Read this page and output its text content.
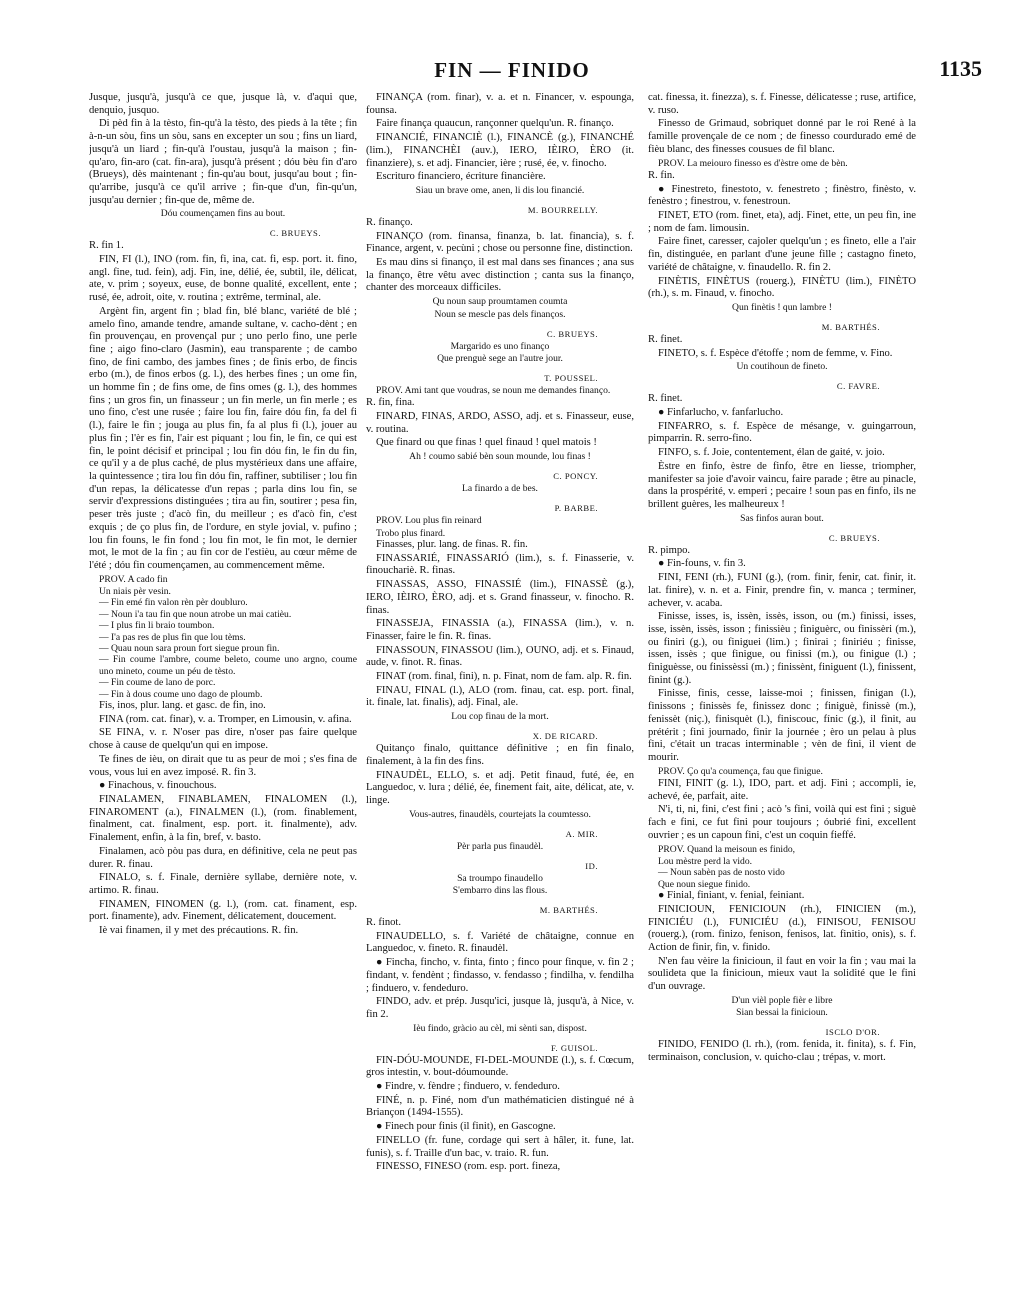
FIN — FINIDO	1135

Jusque, jusqu'à, jusqu'à ce que, jusque là, v. d'aqui que, denquio, jusquo.

Di pèd fin à la tèsto, fin-qu'à la tèsto, des pieds à la tête ; fin à-n-un sòu, fins un sòu, sans en excepter un sou ; fins un liard, jusqu'à un liard ; fin-qu'à l'oustau, jusqu'à la maison ; fin-qu'aro, fin-aro (cat. fin-ara), jusqu'à présent ; dóu bèu fin d'aro (Brueys), dès maintenant ; fin-qu'au bout, jusqu'au bout ; fin-qu'arribe, jusqu'à ce qu'il arrive ; fin-que d'un, fin-qu'un, jusqu'au dernier ; fin-que de, même de.

Dóu coumençamen fins au bout.

C. BRUEYS.

R. fin 1.

FIN, FI (l.), INO (rom. fin, fi, ina, cat. fi, esp. port. it. fino, angl. fine, tud. fein), adj. Fin, ine, délié, ée, subtil, ile, délicat, ate, v. prim ; soyeux, euse, de bonne qualité, excellent, ente ; rusé, ée, adroit, oite, v. routina ; extrême, terminal, ale.

Argènt fin, argent fin ; blad fin, blé blanc, variété de blé ; amelo fino, amande tendre, amande sultane, v. cacho-dènt ; en fin prouvençau, en provençal pur ; uno perlo fino, une perle fine ; aigo fino-claro (Jasmin), eau transparente ; de cambo fino, de fini cambo, des jambes fines ; de finis erbo, de fincis erbo (m.), de finos erbos (g. l.), des herbes fines ; un ome fin, un homme fin ; de fins ome, de fins omes (g. l.), des hommes fins ; un gros fin, un finasseur ; un fin merle, un fin merle ; es uno fino, c'est une rusée ; faire lou fin, faire dóu fin, fa del fi (l.), faire le fin ; jouga au plus fin, fa al plus fi (l.), jouer au plus fin ; l'èr es fin, l'air est piquant ; lou fin, le fin, ce qui est fin, le point décisif et principal ; lou fin dóu fin, le fin du fin, ce qu'il y a de plus caché, de plus mystérieux dans une affaire, la quintessence ; tira lou fin dóu fin, raffiner, subtiliser ; lou fin d'un repas, la délicatesse d'un repas ; parla dins lou fin, se servir d'expressions distinguées ; tira au fin, soutirer ; pesa fin, peser très juste ; d'acò fin, du meilleur ; es d'acò fin, c'est exquis ; de ço plus fin, de l'ordure, en style jovial, v. pufino ; lou fin founs, le fin fond ; lou fin mot, le fin mot, le dernier mot, le mot de la fin ; au fin cor de l'estièu, au cœur même de l'été ; dóu fin coumençamen, au commencement même.

PROV. A cado fin

Un niais pèr vesin.

— Fin emé fin valon rèn pèr doubluro.

— Noun i'a tau fin que noun atrobe un mai catièu.

— I plus fin li braio toumbon.

— I'a pas res de plus fin que lou tèms.

— Quau noun sara proun fort siegue proun fin.

— Fin coume l'ambre, coume beleto, coume uno argno, coume uno mineto, coume un péu de tèsto.

— Fin coume de lano de porc.

— Fin à dous coume uno dago de ploumb.

Fis, inos, plur. lang. et gasc. de fin, ino.

FINA (rom. cat. finar), v. a. Tromper, en Limousin, v. afina.

SE FINA, v. r. N'oser pas dire, n'oser pas faire quelque chose à cause de quelqu'un qui en impose.

Te fines de ièu, on dirait que tu as peur de moi ; s'es fina de vous, vous lui en avez imposé. R. fin 3.

● Finachous, v. finouchous.

FINALAMEN, FINABLAMEN, FINALOMEN (l.), FINAROMENT (a.), FINALMEN (l.), (rom. finablement, finalment, cat. finalment, esp. port. it. finalmente), adv. Finalement, enfin, à la fin, bref, v. basto.

Finalamen, acò pòu pas dura, en définitive, cela ne peut pas durer. R. finau.

FINALO, s. f. Finale, dernière syllabe, dernière note, v. artimo. R. finau.

FINAMEN, FINOMEN (g. l.), (rom. cat. finament, esp. port. finamente), adv. Finement, délicatement, doucement.

Iè vai finamen, il y met des précautions. R. fin.

FINANÇA (rom. finar), v. a. et n. Financer, v. espounga, founsa.

Faire finança quaucun, rançonner quelqu'un. R. finanço.

FINANCIÉ, FINANCIÈ (l.), FINANCÈ (g.), FINANCHÉ (lim.), FINANCHÈI (auv.), IERO, IÈIRO, ÈRO (it. finanziere), s. et adj. Financier, ière ; rusé, ée, v. finocho.

Escrituro financiero, écriture financière.

Siau un brave ome, anen, li dis lou financié.

M. BOURRELLY.

R. finanço.

FINANÇO (rom. finansa, finanza, b. lat. financia), s. f. Finance, argent, v. pecùni ; chose ou personne fine, distinction.

Es mau dins si finanço, il est mal dans ses finances ; ana sus la finanço, être vêtu avec distinction ; canta sus la finanço, chanter des morceaux difficiles.

Qu noun saup proumtamen coumta

Noun se mescle pas dels finanços.

C. BRUEYS.

Margarido es uno finanço

Que prenguè sege an l'autre jour.

T. POUSSEL.

PROV. Ami tant que voudras, se noun me demandes finanço.

R. fin, fina.

FINARD, FINAS, ARDO, ASSO, adj. et s. Finasseur, euse, v. routina.

Que finard ou que finas ! quel finaud ! quel matois !

Ah ! coumo sabié bèn soun mounde, lou finas !

C. PONCY.

La finardo a de bes.

P. BARBE.

PROV. Lou plus fin reinard

Trobo plus finard.

Finasses, plur. lang. de finas. R. fin.

FINASSARIÉ, FINASSARIÓ (lim.), s. f. Finasserie, v. finouchariè. R. finas.

FINASSAS, ASSO, FINASSIÉ (lim.), FINASSÈ (g.), IERO, IÈIRO, ÈRO, adj. et s. Grand finasseur, v. finocho. R. finas.

FINASSEJA, FINASSIA (a.), FINASSA (lim.), v. n. Finasser, faire le fin. R. finas.

FINASSOUN, FINASSOU (lim.), OUNO, adj. et s. Finaud, aude, v. finot. R. finas.

FINAT (rom. final, fini), n. p. Finat, nom de fam. alp. R. fin.

FINAU, FINAL (l.), ALO (rom. finau, cat. esp. port. final, it. finale, lat. finalis), adj. Final, ale.

Lou cop finau de la mort.

X. DE RICARD.

Quitanço finalo, quittance définitive ; en fin finalo, finalement, à la fin des fins.

FINAUDÈL, ELLO, s. et adj. Petit finaud, futé, ée, en Languedoc, v. lura ; délié, ée, finement fait, aite, délicat, ate, v. linge.

Vous-autres, finaudèls, courtejats la coumtesso.

A. MIR.

Pèr parla pus finaudèl.

ID.

Sa troumpo finaudello

S'embarro dins las flous.

M. BARTHÉS.

R. finot.

FINAUDELLO, s. f. Variété de châtaigne, connue en Languedoc, v. fineto. R. finaudèl.

● Fincha, fincho, v. finta, finto ; finco pour finque, v. fin 2 ; findant, v. fendènt ; findasso, v. fendasso ; findilha, v. fendilha ; finduero, v. fendeduro.

FINDO, adv. et prép. Jusqu'ici, jusque là, jusqu'à, à Nice, v. fin 2.

Ièu findo, gràcio au cèl, mi sènti san, dispost.

F. GUISOL.

FIN-DÓU-MOUNDE, FI-DEL-MOUNDE (l.), s. f. Cœcum, gros intestin, v. bout-dóumounde.

● Findre, v. fèndre ; finduero, v. fendeduro.

FINÉ, n. p. Finé, nom d'un mathématicien distingué né à Briançon (1494-1555).

● Finech pour finis (il finit), en Gascogne.

FINELLO (fr. fune, cordage qui sert à hâler, it. fune, lat. funis), s. f. Traille d'un bac, v. traio. R. fun.

FINESSO, FINESO (rom. esp. port. fineza,

cat. finessa, it. finezza), s. f. Finesse, délicatesse ; ruse, artifice, v. ruso.

Finesso de Grimaud, sobriquet donné par le roi René à la famille provençale de ce nom ; de finesso courdurado emé de fièu blanc, des finesses cousues de fil blanc.

PROV. La meiouro finesso es d'èstre ome de bèn.

R. fin.

● Finestreto, finestoto, v. fenestreto ; finèstro, finèsto, v. fenèstro ; finestrou, v. fenestroun.

FINET, ETO (rom. finet, eta), adj. Finet, ette, un peu fin, ine ; nom de fam. limousin.

Faire finet, caresser, cajoler quelqu'un ; es fineto, elle a l'air fin, distinguée, en parlant d'une jeune fille ; castagno fineto, variété de châtaigne, v. finaudello. R. fin 2.

FINÈTIS, FINÈTUS (rouerg.), FINÈTU (lim.), FINÈTO (rh.), s. m. Finaud, v. finocho.

Qun finètis ! qun lambre !

M. BARTHÉS.

R. finet.

FINETO, s. f. Espèce d'étoffe ; nom de femme, v. Fino.

Un coutihoun de fineto.

C. FAVRE.

R. finet.

● Finfarlucho, v. fanfarlucho.

FINFARRO, s. f. Espèce de mésange, v. guingarroun, pimparrin. R. serro-fino.

FINFO, s. f. Joie, contentement, élan de gaité, v. joio.

Èstre en finfo, èstre de finfo, être en liesse, triompher, manifester sa joie d'avoir vaincu, faire parade ; être au pinacle, dans la prospérité, v. emperi ; pecaire ! soun pas en finfo, ils ne brillent guères, les malheureux !

Sas finfos auran bout.

C. BRUEYS.

R. pimpo.

● Fin-founs, v. fin 3.

FINI, FENI (rh.), FUNI (g.), (rom. finir, fenir, cat. finir, it. lat. finire), v. n. et a. Finir, prendre fin, v. manca ; terminer, achever, v. acaba.

Finisse, isses, is, issèn, issès, isson, ou (m.) finissi, isses, isse, issèn, issès, isson ; finissièu ; finiguèrc, ou finissèri (m.), ou finiri (g.), ou finiguei (lim.) ; finirai ; finiriéu ; finisse, issen, issès ; que finigue, ou finissi (m.), ou finigue (l.) ; finiguèsse, ou finissèssi (m.) ; finissènt, finiguent (l.), finissent, finint (g.).

Finisse, finis, cesse, laisse-moi ; finissen, finigan (l.), finissons ; finissès fe, finissez donc ; finiguè, finissè (m.), fenissèt (niç.), finisquèt (l.), finiscouc, fínic (g.), il finit, au prétérit ; fini journado, finir la journée ; èro un pelau à plus fini, c'était un tracas interminable ; vèn de fini, il vient de mourir.

PROV. Ço qu'a coumença, fau que finigue.

FINI, FINIT (g. l.), IDO, part. et adj. Fini ; accompli, ie, achevé, ée, parfait, aite.

N'i, ti, ni, fini, c'est fini ; acò 's fini, voilà qui est fini ; siguè fach e fini, ce fut fini pour toujours ; óubrié fini, excellent ouvrier ; es un capoun fini, c'est un coquin fieffé.

PROV. Quand la meisoun es finido,

Lou mèstre perd la vido.

— Noun sabèn pas de nosto vido

Que noun siegue finido.

● Finial, finiant, v. fenial, feiniant.

FINICIOUN, FENICIOUN (rh.), FINICIEN (m.), FINICIÉU (l.), FUNICIÉU (d.), FINISOU, FENISOU (rouerg.), (rom. finizo, fenison, fenisos, lat. finitio, onis), s. f. Action de finir, fin, v. finido.

N'en fau vèire la finicioun, il faut en voir la fin ; vau mai la soulideta que la finicioun, mieux vaut la solidité que le fini d'un ouvrage.

D'un vièl pople fièr e libre

Sian bessai la finicioun.

ISCLO D'OR.

FINIDO, FENIDO (l. rh.), (rom. fenida, it. finita), s. f. Fin, terminaison, conclusion, v. quicho-clau ; trépas, v. mort.
